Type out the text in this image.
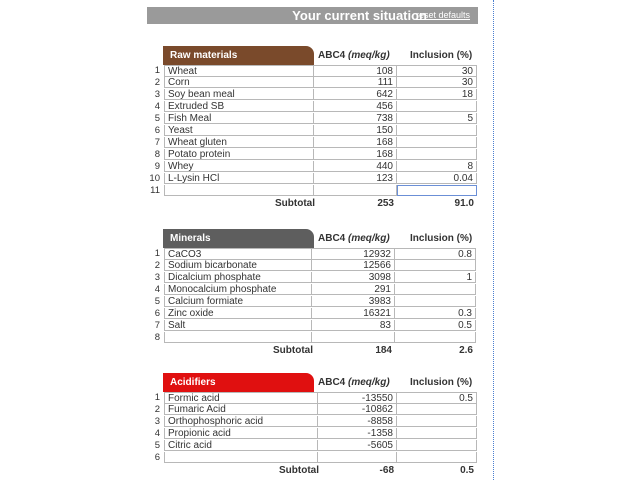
Your current situation
reset defaults
Raw materials	ABC4 (meq/kg) Inclusion (%)
1 Wheat	108	30
2 Corn	111	30
3 Soy bean meal	642	18
4 Extruded SB	456
5 Fish Meal	738	5
6 Yeast	150
7 Wheat gluten	168
8 Potato protein	168
9 Whey	440	8
10 L-Lysin HCl	123	0.04
11
Subtotal	253	91.0
Minerals	ABC4 (meq/kg) Inclusion (%)
1 CaCO3	12932	0.8
2 Sodium bicarbonate	12566
3 Dicalcium phosphate	3098	1
4 Monocalcium phosphate	291
5 Calcium formiate	3983
6 Zinc oxide	16321	0.3
7 Salt	83	0.5
8
Subtotal	184	2.6
Acidifiers	ABC4 (meq/kg) Inclusion (%)
1 Formic acid	-13550	0.5
2 Fumaric Acid	-10862
3 Orthophosphoric acid	-8858
4 Propionic acid	-1358
5 Citric acid	-5605
6
Subtotal	-68	0.5
